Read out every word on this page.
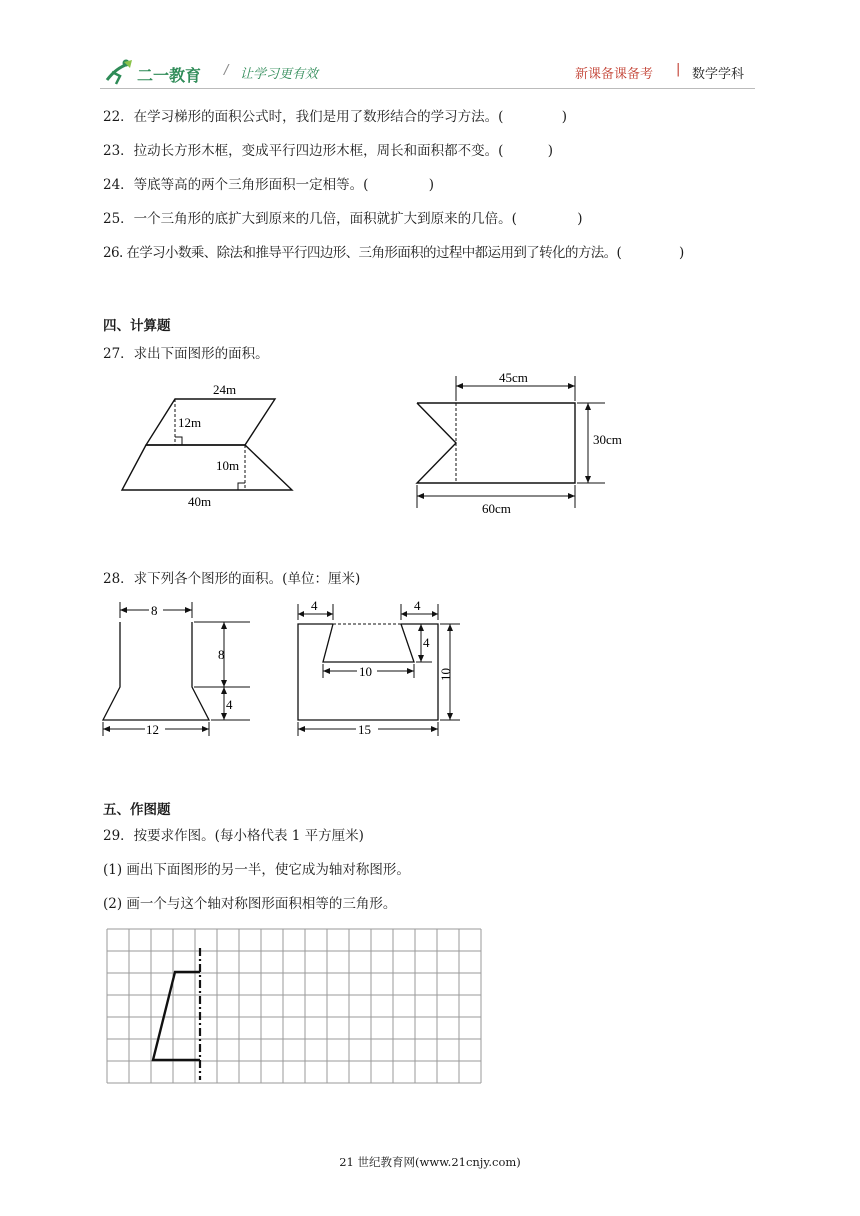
二一教育 / 让学习更有效	新课备课备考 | 数学学科
22．在学习梯形的面积公式时，我们是用了数形结合的学习方法。(	)
23．拉动长方形木框，变成平行四边形木框，周长和面积都不变。(	)
24．等底等高的两个三角形面积一定相等。(	)
25．一个三角形的底扩大到原来的几倍，面积就扩大到原来的几倍。(	)
26. 在学习小数乘、除法和推导平行四边形、三角形面积的过程中都运用到了转化的方法。(	)
四、计算题
27．求出下面图形的面积。
24m
12m
10m
40m
45cm
30cm
60cm
28．求下列各个图形的面积。(单位：厘米)
8
8
4
12
4	4
4
10	10
15
五、作图题
29．按要求作图。(每小格代表 1 平方厘米)
(1) 画出下面图形的另一半，使它成为轴对称图形。
(2) 画一个与这个轴对称图形面积相等的三角形。
21 世纪教育网(www.21cnjy.com)
